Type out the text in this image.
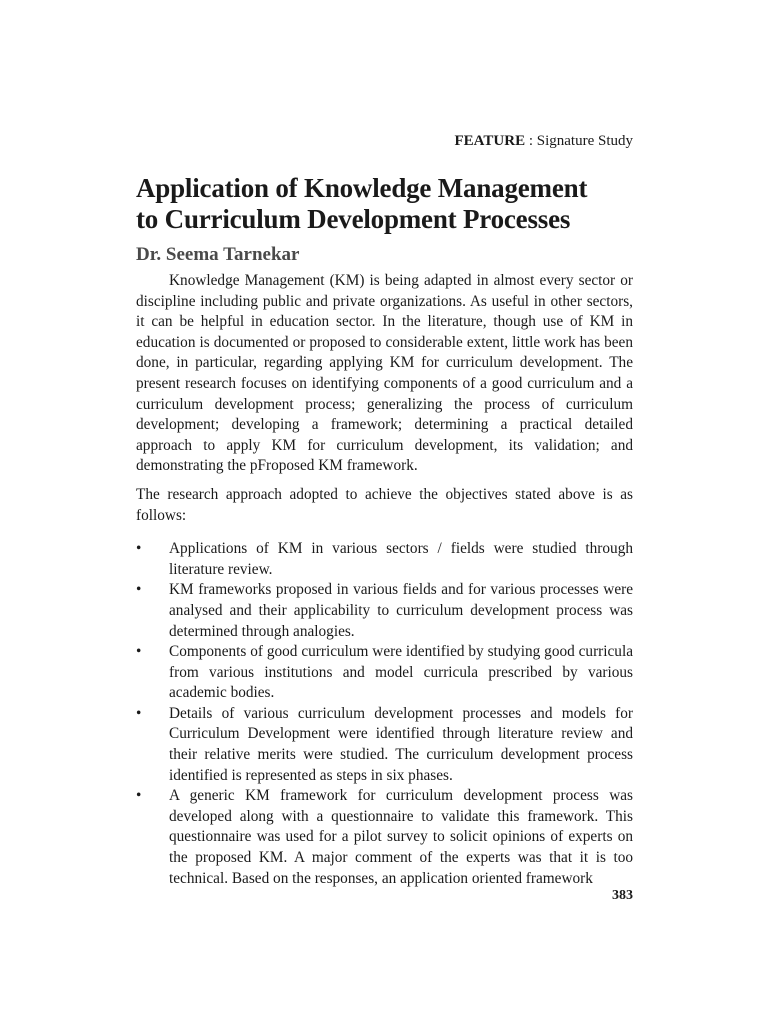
FEATURE : Signature Study
Application of Knowledge Management
to Curriculum Development Processes
Dr. Seema Tarnekar

Knowledge Management (KM) is being adapted in almost every sector or discipline including public and private organizations. As useful in other sectors, it can be helpful in education sector. In the literature, though use of KM in education is documented or proposed to considerable extent, little work has been done, in particular, regarding applying KM for curriculum development. The present research focuses on identifying components of a good curriculum and a curriculum development process; generalizing the process of curriculum development; developing a framework; determining a practical detailed approach to apply KM for curriculum development, its validation; and demonstrating the pFroposed KM framework.

The research approach adopted to achieve the objectives stated above is as follows:

• Applications of KM in various sectors / fields were studied through literature review.
• KM frameworks proposed in various fields and for various processes were analysed and their applicability to curriculum development process was determined through analogies.
• Components of good curriculum were identified by studying good curricula from various institutions and model curricula prescribed by various academic bodies.
• Details of various curriculum development processes and models for Curriculum Development were identified through literature review and their relative merits were studied. The curriculum development process identified is represented as steps in six phases.
• A generic KM framework for curriculum development process was developed along with a questionnaire to validate this framework. This questionnaire was used for a pilot survey to solicit opinions of experts on the proposed KM. A major comment of the experts was that it is too technical. Based on the responses, an application oriented framework
383
